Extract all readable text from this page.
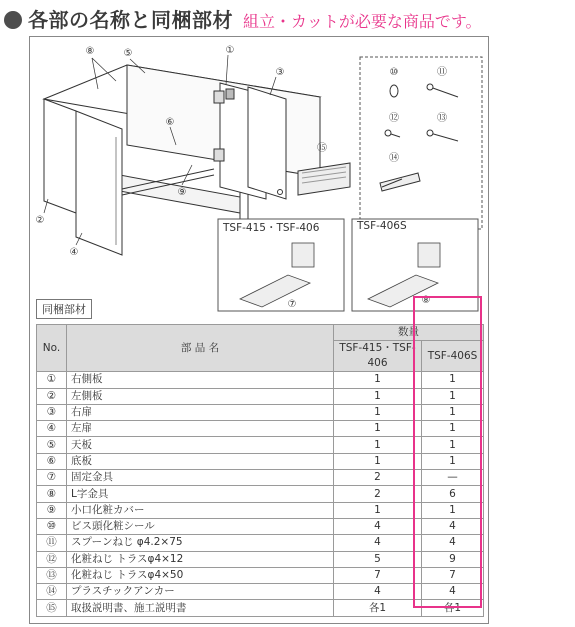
各部の名称と同梱部材 組立・カットが必要な商品です。
⑧	⑤	①
③
⑥
⑨
②
④
⑮
⑩	⑪
⑫	⑬
⑭
⑦	⑧
同梱部材
TSF-415・TSF-406	TSF-406S
No.	部 品 名	数量	
		TSF-415・TSF-406	TSF-406S
①	右側板	1	1
②	左側板	1	1
③	右扉	1	1
④	左扉	1	1
⑤	天板	1	1
⑥	底板	1	1
⑦	固定金具	2	—
⑧	L字金具	2	6
⑨	小口化粧カバー	1	1
⑩	ビス頭化粧シール	4	4
⑪	スプーンねじ φ4.2×75	4	4
⑫	化粧ねじ トラスφ4×12	5	9
⑬	化粧ねじ トラスφ4×50	7	7
⑭	プラスチックアンカー	4	4
⑮	取扱説明書、施工説明書	各1	各1
